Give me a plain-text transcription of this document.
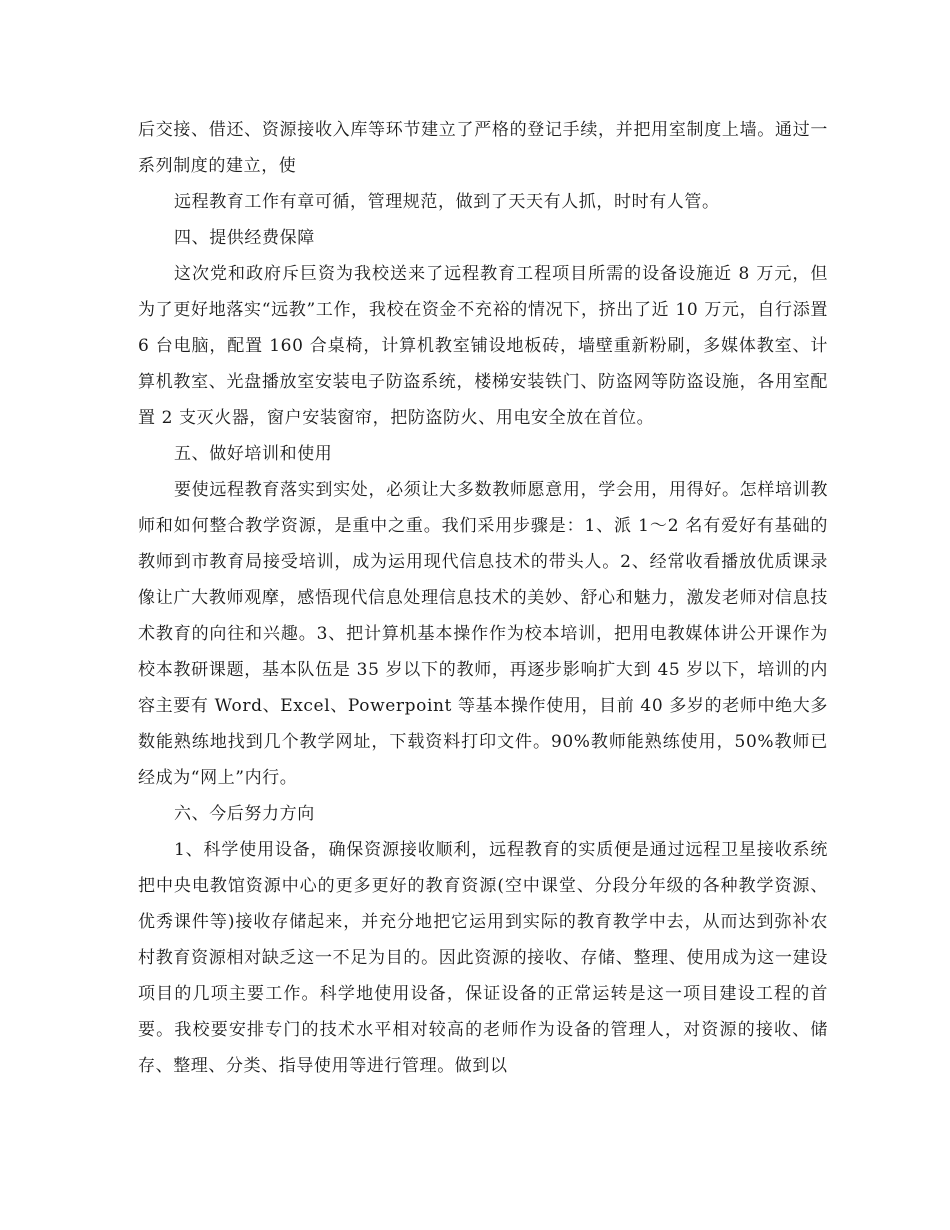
后交接、借还、资源接收入库等环节建立了严格的登记手续，并把用室制度上墙。通过一系列制度的建立，使

远程教育工作有章可循，管理规范，做到了天天有人抓，时时有人管。

四、提供经费保障

这次党和政府斥巨资为我校送来了远程教育工程项目所需的设备设施近 8 万元，但为了更好地落实“远教”工作，我校在资金不充裕的情况下，挤出了近 10 万元，自行添置 6 台电脑，配置 160 合桌椅，计算机教室铺设地板砖，墙壁重新粉刷，多媒体教室、计算机教室、光盘播放室安装电子防盗系统，楼梯安装铁门、防盗网等防盗设施，各用室配置 2 支灭火器，窗户安装窗帘，把防盗防火、用电安全放在首位。

五、做好培训和使用

要使远程教育落实到实处，必须让大多数教师愿意用，学会用，用得好。怎样培训教师和如何整合教学资源，是重中之重。我们采用步骤是：1、派 1～2 名有爱好有基础的教师到市教育局接受培训，成为运用现代信息技术的带头人。2、经常收看播放优质课录像让广大教师观摩，感悟现代信息处理信息技术的美妙、舒心和魅力，激发老师对信息技术教育的向往和兴趣。3、把计算机基本操作作为校本培训，把用电教媒体讲公开课作为校本教研课题，基本队伍是 35 岁以下的教师，再逐步影响扩大到 45 岁以下，培训的内容主要有 Word、Excel、Powerpoint 等基本操作使用，目前 40 多岁的老师中绝大多数能熟练地找到几个教学网址，下载资料打印文件。90%教师能熟练使用，50%教师已经成为“网上”内行。

六、今后努力方向

1、科学使用设备，确保资源接收顺利，远程教育的实质便是通过远程卫星接收系统把中央电教馆资源中心的更多更好的教育资源(空中课堂、分段分年级的各种教学资源、优秀课件等)接收存储起来，并充分地把它运用到实际的教育教学中去，从而达到弥补农村教育资源相对缺乏这一不足为目的。因此资源的接收、存储、整理、使用成为这一建设项目的几项主要工作。科学地使用设备，保证设备的正常运转是这一项目建设工程的首要。我校要安排专门的技术水平相对较高的老师作为设备的管理人，对资源的接收、储存、整理、分类、指导使用等进行管理。做到以
